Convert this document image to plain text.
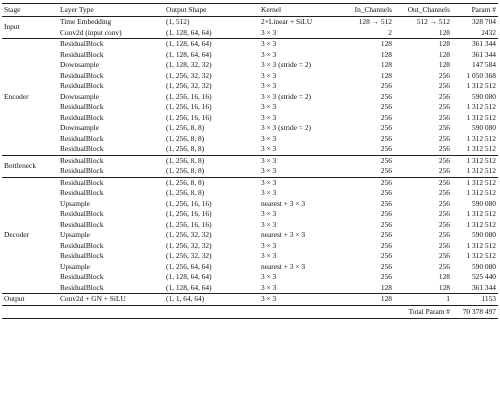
Stage	Layer Type	Output Shape	Kernel	In_Channels	Out_Channels	Param #
Input	Time Embedding	(1, 512)	2×Linear + SiLU	128 → 512	512 → 512	328 704
	Conv2d (input conv)	(1, 128, 64, 64)	3 × 3	2	128	2432
Encoder	ResidualBlock	(1, 128, 64, 64)	3 × 3	128	128	361 344
	ResidualBlock	(1, 128, 64, 64)	3 × 3	128	128	361 344
	Downsample	(1, 128, 32, 32)	3 × 3 (stride = 2)	128	128	147 584
	ResidualBlock	(1, 256, 32, 32)	3 × 3	128	256	1 050 368
	ResidualBlock	(1, 256, 32, 32)	3 × 3	256	256	1 312 512
	Downsample	(1, 256, 16, 16)	3 × 3 (stride = 2)	256	256	590 080
	ResidualBlock	(1, 256, 16, 16)	3 × 3	256	256	1 312 512
	ResidualBlock	(1, 256, 16, 16)	3 × 3	256	256	1 312 512
	Downsample	(1, 256, 8, 8)	3 × 3 (stride = 2)	256	256	590 080
	ResidualBlock	(1, 256, 8, 8)	3 × 3	256	256	1 312 512
	ResidualBlock	(1, 256, 8, 8)	3 × 3	256	256	1 312 512
Bottleneck	ResidualBlock	(1, 256, 8, 8)	3 × 3	256	256	1 312 512
	ResidualBlock	(1, 256, 8, 8)	3 × 3	256	256	1 312 512
Decoder	ResidualBlock	(1, 256, 8, 8)	3 × 3	256	256	1 312 512
	ResidualBlock	(1, 256, 8, 8)	3 × 3	256	256	1 312 512
	Upsample	(1, 256, 16, 16)	nearest + 3 × 3	256	256	590 080
	ResidualBlock	(1, 256, 16, 16)	3 × 3	256	256	1 312 512
	ResidualBlock	(1, 256, 16, 16)	3 × 3	256	256	1 312 512
	Upsample	(1, 256, 32, 32)	nearest + 3 × 3	256	256	590 080
	ResidualBlock	(1, 256, 32, 32)	3 × 3	256	256	1 312 512
	ResidualBlock	(1, 256, 32, 32)	3 × 3	256	256	1 312 512
	Upsample	(1, 256, 64, 64)	nearest + 3 × 3	256	256	590 080
	ResidualBlock	(1, 128, 64, 64)	3 × 3	256	128	525 440
	ResidualBlock	(1, 128, 64, 64)	3 × 3	128	128	361 344
Output	Conv2d + GN + SiLU	(1, 1, 64, 64)	3 × 3	128	1	1153
					Total Param #	70 378 497
